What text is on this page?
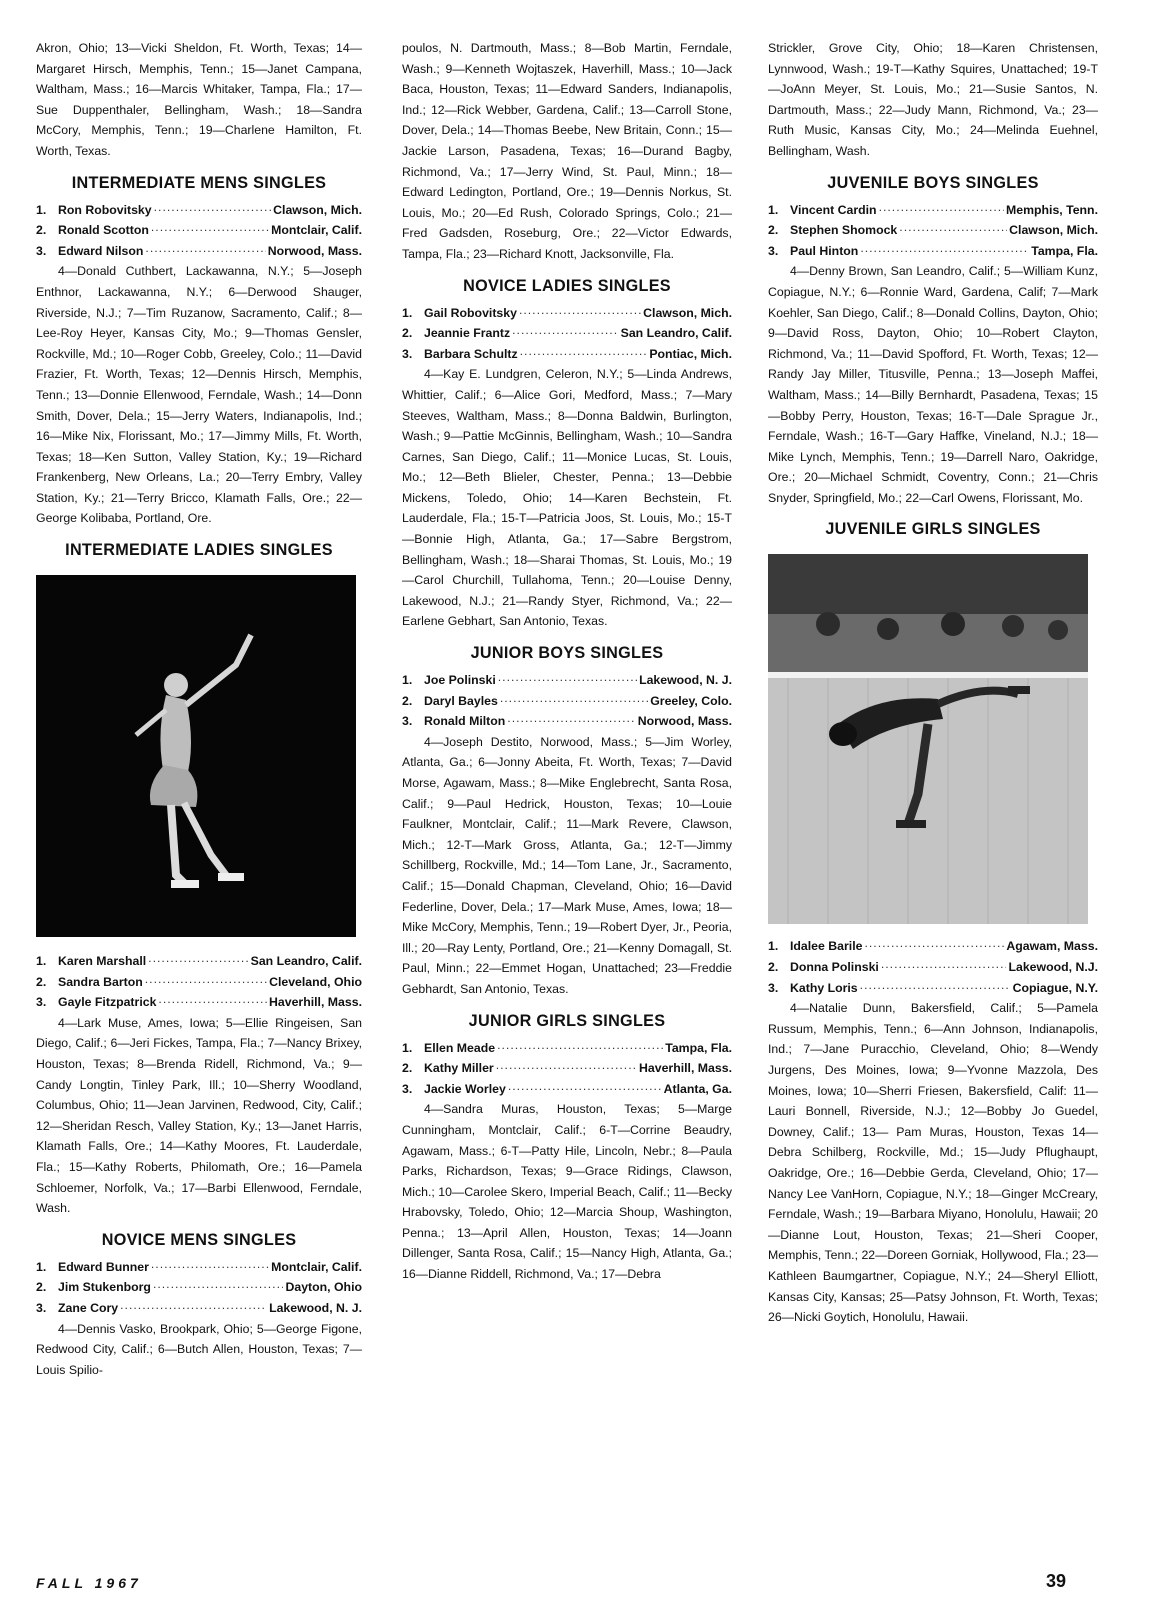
Akron, Ohio; 13—Vicki Sheldon, Ft. Worth, Texas; 14—Margaret Hirsch, Memphis, Tenn.; 15—Janet Campana, Waltham, Mass.; 16—Marcis Whitaker, Tampa, Fla.; 17—Sue Duppenthaler, Bellingham, Wash.; 18—Sandra McCory, Memphis, Tenn.; 19—Charlene Hamilton, Ft. Worth, Texas.

INTERMEDIATE MENS SINGLES
1. Ron Robovitsky .....	Clawson, Mich.
2. Ronald Scotton .....	Montclair, Calif.
3. Edward Nilson .....	Norwood, Mass.

4—Donald Cuthbert, Lackawanna, N.Y.; 5—Joseph Enthnor, Lackawanna, N.Y.; 6—Derwood Shauger, Riverside, N.J.; 7—Tim Ruzanow, Sacramento, Calif.; 8—Lee-Roy Heyer, Kansas City, Mo.; 9—Thomas Gensler, Rockville, Md.; 10—Roger Cobb, Greeley, Colo.; 11—David Frazier, Ft. Worth, Texas; 12—Dennis Hirsch, Memphis, Tenn.; 13—Donnie Ellenwood, Ferndale, Wash.; 14—Donn Smith, Dover, Dela.; 15—Jerry Waters, Indianapolis, Ind.; 16—Mike Nix, Florissant, Mo.; 17—Jimmy Mills, Ft. Worth, Texas; 18—Ken Sutton, Valley Station, Ky.; 19—Richard Frankenberg, New Orleans, La.; 20—Terry Embry, Valley Station, Ky.; 21—Terry Bricco, Klamath Falls, Ore.; 22—George Kolibaba, Portland, Ore.

INTERMEDIATE LADIES SINGLES
1. Karen Marshall .....	San Leandro, Calif.
2. Sandra Barton .....	Cleveland, Ohio
3. Gayle Fitzpatrick .....	Haverhill, Mass.

4—Lark Muse, Ames, Iowa; 5—Ellie Ringeisen, San Diego, Calif.; 6—Jeri Fickes, Tampa, Fla.; 7—Nancy Brixey, Houston, Texas; 8—Brenda Ridell, Richmond, Va.; 9—Candy Longtin, Tinley Park, Ill.; 10—Sherry Woodland, Columbus, Ohio; 11—Jean Jarvinen, Redwood, City, Calif.; 12—Sheridan Resch, Valley Station, Ky.; 13—Janet Harris, Klamath Falls, Ore.; 14—Kathy Moores, Ft. Lauderdale, Fla.; 15—Kathy Roberts, Philomath, Ore.; 16—Pamela Schloemer, Norfolk, Va.; 17—Barbi Ellenwood, Ferndale, Wash.

NOVICE MENS SINGLES
1. Edward Bunner .....	Montclair, Calif.
2. Jim Stukenborg .....	Dayton, Ohio
3. Zane Cory .....	Lakewood, N. J.

4—Dennis Vasko, Brookpark, Ohio; 5—George Figone, Redwood City, Calif.; 6—Butch Allen, Houston, Texas; 7—Louis Spilio-

poulos, N. Dartmouth, Mass.; 8—Bob Martin, Ferndale, Wash.; 9—Kenneth Wojtaszek, Haverhill, Mass.; 10—Jack Baca, Houston, Texas; 11—Edward Sanders, Indianapolis, Ind.; 12—Rick Webber, Gardena, Calif.; 13—Carroll Stone, Dover, Dela.; 14—Thomas Beebe, New Britain, Conn.; 15—Jackie Larson, Pasadena, Texas; 16—Durand Bagby, Richmond, Va.; 17—Jerry Wind, St. Paul, Minn.; 18—Edward Ledington, Portland, Ore.; 19—Dennis Norkus, St. Louis, Mo.; 20—Ed Rush, Colorado Springs, Colo.; 21—Fred Gadsden, Roseburg, Ore.; 22—Victor Edwards, Tampa, Fla.; 23—Richard Knott, Jacksonville, Fla.

NOVICE LADIES SINGLES
1. Gail Robovitsky .....	Clawson, Mich.
2. Jeannie Frantz .....	San Leandro, Calif.
3. Barbara Schultz .....	Pontiac, Mich.

4—Kay E. Lundgren, Celeron, N.Y.; 5—Linda Andrews, Whittier, Calif.; 6—Alice Gori, Medford, Mass.; 7—Mary Steeves, Waltham, Mass.; 8—Donna Baldwin, Burlington, Wash.; 9—Pattie McGinnis, Bellingham, Wash.; 10—Sandra Carnes, San Diego, Calif.; 11—Monice Lucas, St. Louis, Mo.; 12—Beth Blieler, Chester, Penna.; 13—Debbie Mickens, Toledo, Ohio; 14—Karen Bechstein, Ft. Lauderdale, Fla.; 15-T—Patricia Joos, St. Louis, Mo.; 15-T—Bonnie High, Atlanta, Ga.; 17—Sabre Bergstrom, Bellingham, Wash.; 18—Sharai Thomas, St. Louis, Mo.; 19—Carol Churchill, Tullahoma, Tenn.; 20—Louise Denny, Lakewood, N.J.; 21—Randy Styer, Richmond, Va.; 22—Earlene Gebhart, San Antonio, Texas.

JUNIOR BOYS SINGLES
1. Joe Polinski .....	Lakewood, N. J.
2. Daryl Bayles .....	Greeley, Colo.
3. Ronald Milton .....	Norwood, Mass.

4—Joseph Destito, Norwood, Mass.; 5—Jim Worley, Atlanta, Ga.; 6—Jonny Abeita, Ft. Worth, Texas; 7—David Morse, Agawam, Mass.; 8—Mike Englebrecht, Santa Rosa, Calif.; 9—Paul Hedrick, Houston, Texas; 10—Louie Faulkner, Montclair, Calif.; 11—Mark Revere, Clawson, Mich.; 12-T—Mark Gross, Atlanta, Ga.; 12-T—Jimmy Schillberg, Rockville, Md.; 14—Tom Lane, Jr., Sacramento, Calif.; 15—Donald Chapman, Cleveland, Ohio; 16—David Federline, Dover, Dela.; 17—Mark Muse, Ames, Iowa; 18—Mike McCory, Memphis, Tenn.; 19—Robert Dyer, Jr., Peoria, Ill.; 20—Ray Lenty, Portland, Ore.; 21—Kenny Domagall, St. Paul, Minn.; 22—Emmet Hogan, Unattached; 23—Freddie Gebhardt, San Antonio, Texas.

JUNIOR GIRLS SINGLES
1. Ellen Meade .....	Tampa, Fla.
2. Kathy Miller .....	Haverhill, Mass.
3. Jackie Worley .....	Atlanta, Ga.

4—Sandra Muras, Houston, Texas; 5—Marge Cunningham, Montclair, Calif.; 6-T—Corrine Beaudry, Agawam, Mass.; 6-T—Patty Hile, Lincoln, Nebr.; 8—Paula Parks, Richardson, Texas; 9—Grace Ridings, Clawson, Mich.; 10—Carolee Skero, Imperial Beach, Calif.; 11—Becky Hrabovsky, Toledo, Ohio; 12—Marcia Shoup, Washington, Penna.; 13—April Allen, Houston, Texas; 14—Joann Dillenger, Santa Rosa, Calif.; 15—Nancy High, Atlanta, Ga.; 16—Dianne Riddell, Richmond, Va.; 17—Debra

Strickler, Grove City, Ohio; 18—Karen Christensen, Lynnwood, Wash.; 19-T—Kathy Squires, Unattached; 19-T—JoAnn Meyer, St. Louis, Mo.; 21—Susie Santos, N. Dartmouth, Mass.; 22—Judy Mann, Richmond, Va.; 23—Ruth Music, Kansas City, Mo.; 24—Melinda Euehnel, Bellingham, Wash.

JUVENILE BOYS SINGLES
1. Vincent Cardin .....	Memphis, Tenn.
2. Stephen Shomock .....	Clawson, Mich.
3. Paul Hinton .....	Tampa, Fla.

4—Denny Brown, San Leandro, Calif.; 5—William Kunz, Copiague, N.Y.; 6—Ronnie Ward, Gardena, Calif; 7—Mark Koehler, San Diego, Calif.; 8—Donald Collins, Dayton, Ohio; 9—David Ross, Dayton, Ohio; 10—Robert Clayton, Richmond, Va.; 11—David Spofford, Ft. Worth, Texas; 12—Randy Jay Miller, Titusville, Penna.; 13—Joseph Maffei, Waltham, Mass.; 14—Billy Bernhardt, Pasadena, Texas; 15—Bobby Perry, Houston, Texas; 16-T—Dale Sprague Jr., Ferndale, Wash.; 16-T—Gary Haffke, Vineland, N.J.; 18—Mike Lynch, Memphis, Tenn.; 19—Darrell Naro, Oakridge, Ore.; 20—Michael Schmidt, Coventry, Conn.; 21—Chris Snyder, Springfield, Mo.; 22—Carl Owens, Florissant, Mo.

JUVENILE GIRLS SINGLES
1. Idalee Barile .....	Agawam, Mass.
2. Donna Polinski .....	Lakewood, N.J.
3. Kathy Loris .....	Copiague, N.Y.

4—Natalie Dunn, Bakersfield, Calif.; 5—Pamela Russum, Memphis, Tenn.; 6—Ann Johnson, Indianapolis, Ind.; 7—Jane Puracchio, Cleveland, Ohio; 8—Wendy Jurgens, Des Moines, Iowa; 9—Yvonne Mazzola, Des Moines, Iowa; 10—Sherri Friesen, Bakersfield, Calif: 11—Lauri Bonnell, Riverside, N.J.; 12—Bobby Jo Guedel, Downey, Calif.; 13— Pam Muras, Houston, Texas 14—Debra Schilberg, Rockville, Md.; 15—Judy Pflughaupt, Oakridge, Ore.; 16—Debbie Gerda, Cleveland, Ohio; 17—Nancy Lee VanHorn, Copiague, N.Y.; 18—Ginger McCreary, Ferndale, Wash.; 19—Barbara Miyano, Honolulu, Hawaii; 20—Dianne Lout, Houston, Texas; 21—Sheri Cooper, Memphis, Tenn.; 22—Doreen Gorniak, Hollywood, Fla.; 23—Kathleen Baumgartner, Copiague, N.Y.; 24—Sheryl Elliott, Kansas City, Kansas; 25—Patsy Johnson, Ft. Worth, Texas; 26—Nicki Goytich, Honolulu, Hawaii.

FALL 1967	39
